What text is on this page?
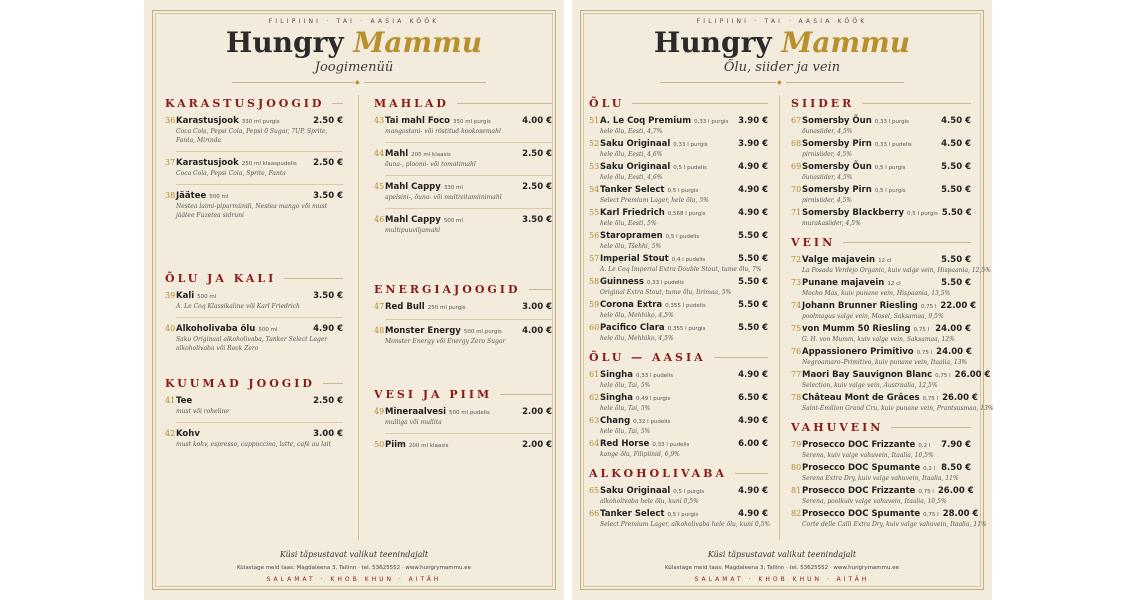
FILIPIINI · TAI · AASIA KÖÖK
Hungry Mammu
Joogimenüü
◆
KARASTUSJOOGID
36 Karastusjook 330 ml purgis	2.50 €
Coca Cola, Pepsi Cola, Pepsi 0 Sugar, 7UP, Sprite,
Fanta, Mirinda
37 Karastusjook 250 ml klaaspudelis	2.50 €
Coca Cola, Pepsi Cola, Sprite, Fanta
38 Jäätee 500 ml	3.50 €
Nestea laimi-piparmündi, Nestea mango või must
jäätee Fuzetea sidruni
ÕLU JA KALI
39 Kali 500 ml	3.50 €
A. Le Coq Klassikaline või Karl Friedrich
40 Alkoholivaba õlu 500 ml	4.90 €
Saku Originaal alkoholivaba, Tanker Select Lager
alkoholivaba või Rock Zero
KUUMAD JOOGID
41 Tee	2.50 €
must või roheline
42 Kohv	3.00 €
must kohv, espresso, cappuccino, latte, café au lait
MAHLAD
43 Tai mahl Foco 350 ml purgis	4.00 €
mangostani- või röstitud kookosemahl
44 Mahl 200 ml klaasis	2.50 €
õuna-, ploomi- või tomatimahl
45 Mahl Cappy 330 ml	2.50 €
apelsini-, õuna- või multivitamiinimahl
46 Mahl Cappy 500 ml	3.50 €
multipuuviljamahl
ENERGIAJOOGID
47 Red Bull 250 ml purgis	3.00 €
48 Monster Energy 500 ml purgis	4.00 €
Monster Energy või Energy Zero Sugar
VESI JA PIIM
49 Mineraalvesi 500 ml pudelis	2.00 €
mulliga või mullita
50 Piim 200 ml klaasis	2.00 €
Küsi täpsustavat valikut teenindajalt
Külastage meid taas: Magdaleena 3, Tallinn · tel. 53625552 · www.hungrymammu.ee
SALAMAT · KHOB KHUN · AITÄH
FILIPIINI · TAI · AASIA KÖÖK
Hungry Mammu
Õlu, siider ja vein
◆
ÕLU
51 A. Le Coq Premium 0,33 l purgis	3.90 €
hele õlu, Eesti, 4,7%
52 Saku Originaal 0,33 l purgis	3.90 €
hele õlu, Eesti, 4,6%
53 Saku Originaal 0,5 l pudelis	4.90 €
hele õlu, Eesti, 4,6%
54 Tanker Select 0,5 l purgis	4.90 €
Select Premium Lager, hele õlu, 5%
55 Karl Friedrich 0,568 l purgis	4.90 €
hele õlu, Eesti, 5%
56 Staropramen 0,5 l pudelis	5.50 €
hele õlu, Tšehhi, 5%
57 Imperial Stout 0,4 l pudelis	5.50 €
A. Le Coq Imperial Extra Double Stout, tume õlu, 7%
58 Guinness 0,33 l pudelis	5.50 €
Original Extra Stout, tume õlu, Iirimaa, 5%
59 Corona Extra 0,355 l pudelis	5.50 €
hele õlu, Mehhiko, 4,5%
60 Pacifico Clara 0,355 l purgis	5.50 €
hele õlu, Mehhiko, 4,5%
ÕLU — AASIA
61 Singha 0,33 l pudelis	4.90 €
hele õlu, Tai, 5%
62 Singha 0,49 l purgis	6.50 €
hele õlu, Tai, 5%
63 Chang 0,32 l pudelis	4.90 €
hele õlu, Tai, 5%
64 Red Horse 0,33 l pudelis	6.00 €
kange õlu, Filipiinid, 6,9%
ALKOHOLIVABA
65 Saku Originaal 0,5 l purgis	4.90 €
alkoholivaba hele õlu, kuni 0,5%
66 Tanker Select 0,5 l purgis	4.90 €
Select Premium Lager, alkoholivaba hele õlu, kuni 0,5%
SIIDER
67 Somersby Õun 0,33 l purgis	4.50 €
õunasiider, 4,5%
68 Somersby Pirn 0,33 l pudelis	4.50 €
pirnisiider, 4,5%
69 Somersby Õun 0,5 l purgis	5.50 €
õunasiider, 4,5%
70 Somersby Pirn 0,5 l purgis	5.50 €
pirnisiider, 4,5%
71 Somersby Blackberry 0,5 l purgis 5.50 €
murakasiider, 4,5%
VEIN
72 Valge majavein 12 cl	5.50 €
La Posada Verdejo Organic, kuiv valge vein, Hispaania, 12,5%
73 Punane majavein 12 cl	5.50 €
Mocho Más, kuiv punane vein, Hispaania, 13,5%
74 Johann Brunner Riesling 0,75 l 22.00 €
poolmagus valge vein, Mosel, Saksamaa, 9,5%
75 von Mumm 50 Riesling 0,75 l 24.00 €
G. H. von Mumm, kuiv valge vein, Saksamaa, 12%
76 Appassionero Primitivo 0,75 l 24.00 €
Negroamaro–Primitivo, kuiv punane vein, Itaalia, 13%
77 Maori Bay Sauvignon Blanc 0,75 l 26.00 €
Selection, kuiv valge vein, Austraalia, 12,5%
78 Château Mont de Grâces 0,75 l 26.00 €
Saint-Émilion Grand Cru, kuiv punane vein, Prantsusmaa, 13%
VAHUVEIN
79 Prosecco DOC Frizzante 0,2 l	7.90 €
Serena, kuiv valge vahuvein, Itaalia, 10,5%
80 Prosecco DOC Spumante 0,2 l 8.50 €
Serena Extra Dry, kuiv valge vahuvein, Itaalia, 11%
81 Prosecco DOC Frizzante 0,75 l 26.00 €
Serena, poolkuiv valge vahuvein, Itaalia, 10,5%
82 Prosecco DOC Spumante 0,75 l 28.00 €
Corte delle Calli Extra Dry, kuiv valge vahuvein, Itaalia, 11%
Küsi täpsustavat valikut teenindajalt
Külastage meid taas: Magdaleena 3, Tallinn · tel. 53625552 · www.hungrymammu.ee
SALAMAT · KHOB KHUN · AITÄH
